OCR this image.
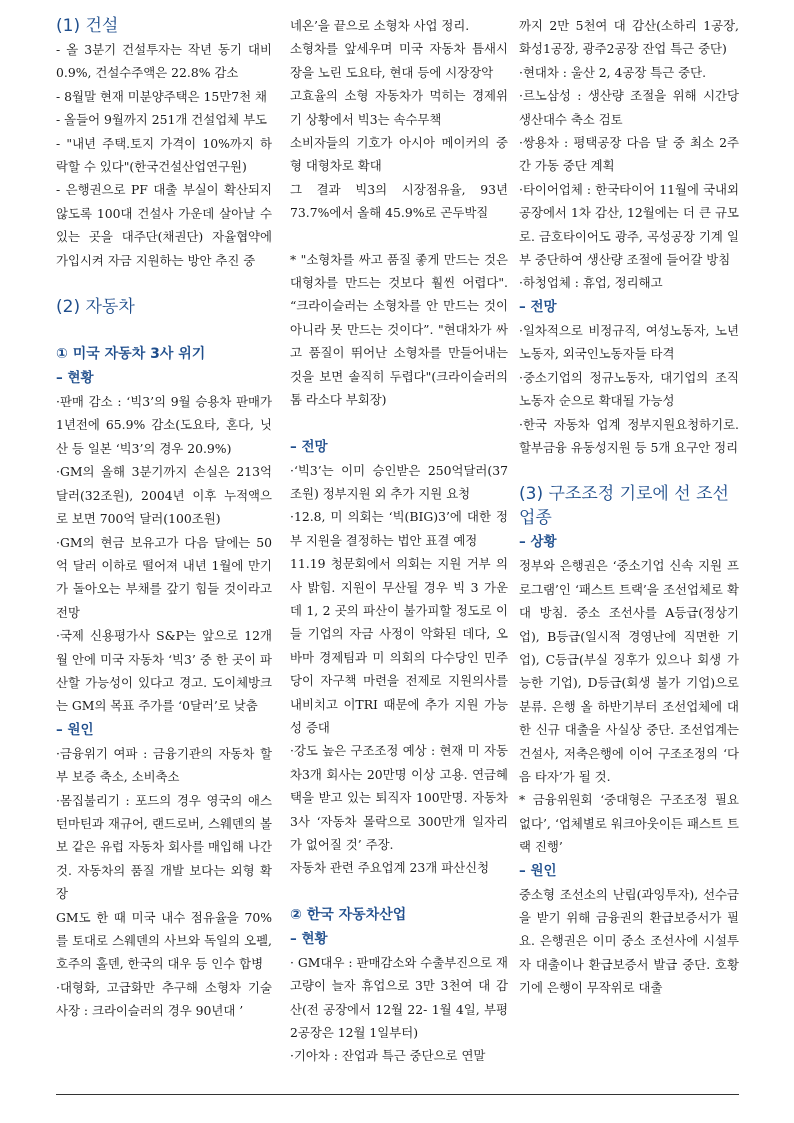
(1) 건설
- 올 3분기 건설투자는 작년 동기 대비 0.9%, 건설수주액은 22.8% 감소
- 8월말 현재 미분양주택은 15만7천 채
- 올들어 9월까지 251개 건설업체 부도
- "내년 주택.토지 가격이 10%까지 하락할 수 있다"(한국건설산업연구원)
- 은행권으로 PF 대출 부실이 확산되지 않도록 100대 건설사 가운데 살아날 수 있는 곳을 대주단(채권단) 자율협약에 가입시켜 자금 지원하는 방안 추진 중
(2) 자동차
① 미국 자동차 3사 위기
– 현황
·판매 감소 : ‘빅3’의 9월 승용차 판매가 1년전에 65.9% 감소(도요타, 혼다, 닛산 등 일본 ‘빅3’의 경우 20.9%)
·GM의 올해 3분기까지 손실은 213억 달러(32조원), 2004년 이후 누적액으로 보면 700억 달러(100조원)
·GM의 현금 보유고가 다음 달에는 50억 달러 이하로 떨어져 내년 1월에 만기가 돌아오는 부채를 갚기 힘들 것이라고 전망
·국제 신용평가사 S&P는 앞으로 12개월 안에 미국 자동차 ‘빅3’ 중 한 곳이 파산할 가능성이 있다고 경고. 도이체방크는 GM의 목표 주가를 ‘0달러’로 낮춤
– 원인
·금융위기 여파 : 금융기관의 자동차 할부 보증 축소, 소비축소
·몸집불리기 : 포드의 경우 영국의 애스턴마틴과 재규어, 랜드로버, 스웨덴의 볼보 같은 유럽 자동차 회사를 매입해 나간 것. 자동차의 품질 개발 보다는 외형 확장
GM도 한 때 미국 내수 점유율을 70%를 토대로 스웨덴의 사브와 독일의 오펠, 호주의 홀덴, 한국의 대우 등 인수 합병
·대형화, 고급화만 추구해 소형차 기술 사장 : 크라이슬러의 경우 90년대 ’
네온’을 끝으로 소형차 사업 정리.
소형차를 앞세우며 미국 자동차 틈새시장을 노린 도요타, 현대 등에 시장장악
고효율의 소형 자동차가 먹히는 경제위기 상황에서 빅3는 속수무책
소비자들의 기호가 아시아 메이커의 중형 대형차로 확대
그 결과 빅3의 시장점유율, 93년 73.7%에서 올해 45.9%로 곤두박질
* "소형차를 싸고 품질 좋게 만드는 것은 대형차를 만드는 것보다 훨씬 어렵다". “크라이슬러는 소형차를 안 만드는 것이 아니라 못 만드는 것이다”. "현대차가 싸고 품질이 뛰어난 소형차를 만들어내는 것을 보면 솔직히 두렵다"(크라이슬러의 톰 라소다 부회장)
– 전망
·‘빅3’는 이미 승인받은 250억달러(37조원) 정부지원 외 추가 지원 요청
·12.8, 미 의회는 ‘빅(BIG)3’에 대한 정부 지원을 결정하는 법안 표결 예정
11.19 청문회에서 의회는 지원 거부 의사 밝힘. 지원이 무산될 경우 빅 3 가운데 1, 2 곳의 파산이 불가피할 정도로 이들 기업의 자금 사정이 악화된 데다, 오바마 경제팀과 미 의회의 다수당인 민주당이 자구책 마련을 전제로 지원의사를 내비치고 이TRI 때문에 추가 지원 가능성 증대
·강도 높은 구조조정 예상 : 현재 미 자동차3개 회사는 20만명 이상 고용. 연금혜택을 받고 있는 퇴직자 100만명. 자동차3사 ‘자동차 몰락으로 300만개 일자리가 없어질 것’ 주장.
자동차 관련 주요업계 23개 파산신청
② 한국 자동차산업
– 현황
· GM대우 : 판매감소와 수출부진으로 재고량이 늘자 휴업으로 3만 3천여 대 감산(전 공장에서 12월 22- 1월 4일, 부평 2공장은 12월 1일부터)
·기아차 : 잔업과 특근 중단으로 연말
까지 2만 5천여 대 감산(소하리 1공장, 화성1공장, 광주2공장 잔업 특근 중단)
·현대차 : 울산 2, 4공장 특근 중단.
·르노삼성 : 생산량 조절을 위해 시간당 생산대수 축소 검토
·쌍용차 : 평택공장 다음 달 중 최소 2주간 가동 중단 계획
·타이어업체 : 한국타이어 11월에 국내외 공장에서 1차 감산, 12월에는 더 큰 규모로. 금호타이어도 광주, 곡성공장 기계 일부 중단하여 생산량 조절에 들어갈 방침
·하청업체 : 휴업, 정리해고
– 전망
·일차적으로 비정규직, 여성노동자, 노년노동자, 외국인노동자들 타격
·중소기업의 정규노동자, 대기업의 조직노동자 순으로 확대될 가능성
·한국 자동차 업계 정부지원요청하기로. 할부금융 유동성지원 등 5개 요구안 정리
(3) 구조조정 기로에 선 조선업종
– 상황
정부와 은행권은 ‘중소기업 신속 지원 프로그램’인 ‘패스트 트랙’을 조선업체로 확대 방침. 중소 조선사를 A등급(정상기업), B등급(일시적 경영난에 직면한 기업), C등급(부실 징후가 있으나 회생 가능한 기업), D등급(회생 불가 기업)으로 분류. 은행 올 하반기부터 조선업체에 대한 신규 대출을 사실상 중단. 조선업계는 건설사, 저축은행에 이어 구조조정의 ‘다음 타자’가 될 것.
* 금융위원회 ‘중대형은 구조조정 필요 없다’, ‘업체별로 워크아웃이든 패스트 트랙 진행’
– 원인
중소형 조선소의 난립(과잉투자), 선수금을 받기 위해 금융권의 환급보증서가 필요. 은행권은 이미 중소 조선사에 시설투자 대출이나 환급보증서 발급 중단. 호황기에 은행이 무작위로 대출
